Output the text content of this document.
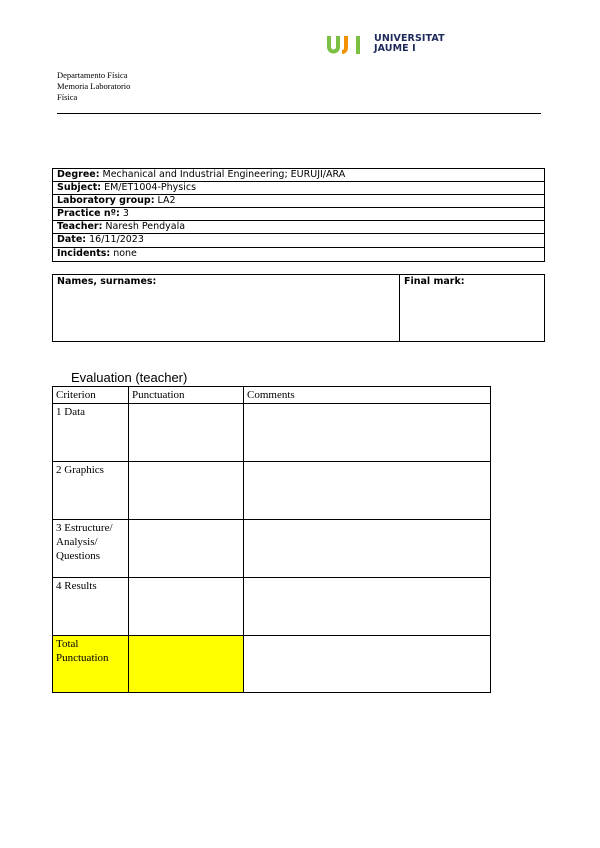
UNIVERSITAT
JAUME I
Departamento Física
Memoria Laboratorio
Física
Degree: Mechanical and Industrial Engineering; EURUJI/ARA
Subject: EM/ET1004-Physics
Laboratory group: LA2
Practice nº: 3
Teacher: Naresh Pendyala
Date: 16/11/2023
Incidents: none
Names, surnames:	Final mark:
Evaluation (teacher)
Criterion	Punctuation	Comments

1 Data		

2 Graphics		

3 Estructure/
Analysis/
Questions		

4 Results		

Total
Punctuation		
